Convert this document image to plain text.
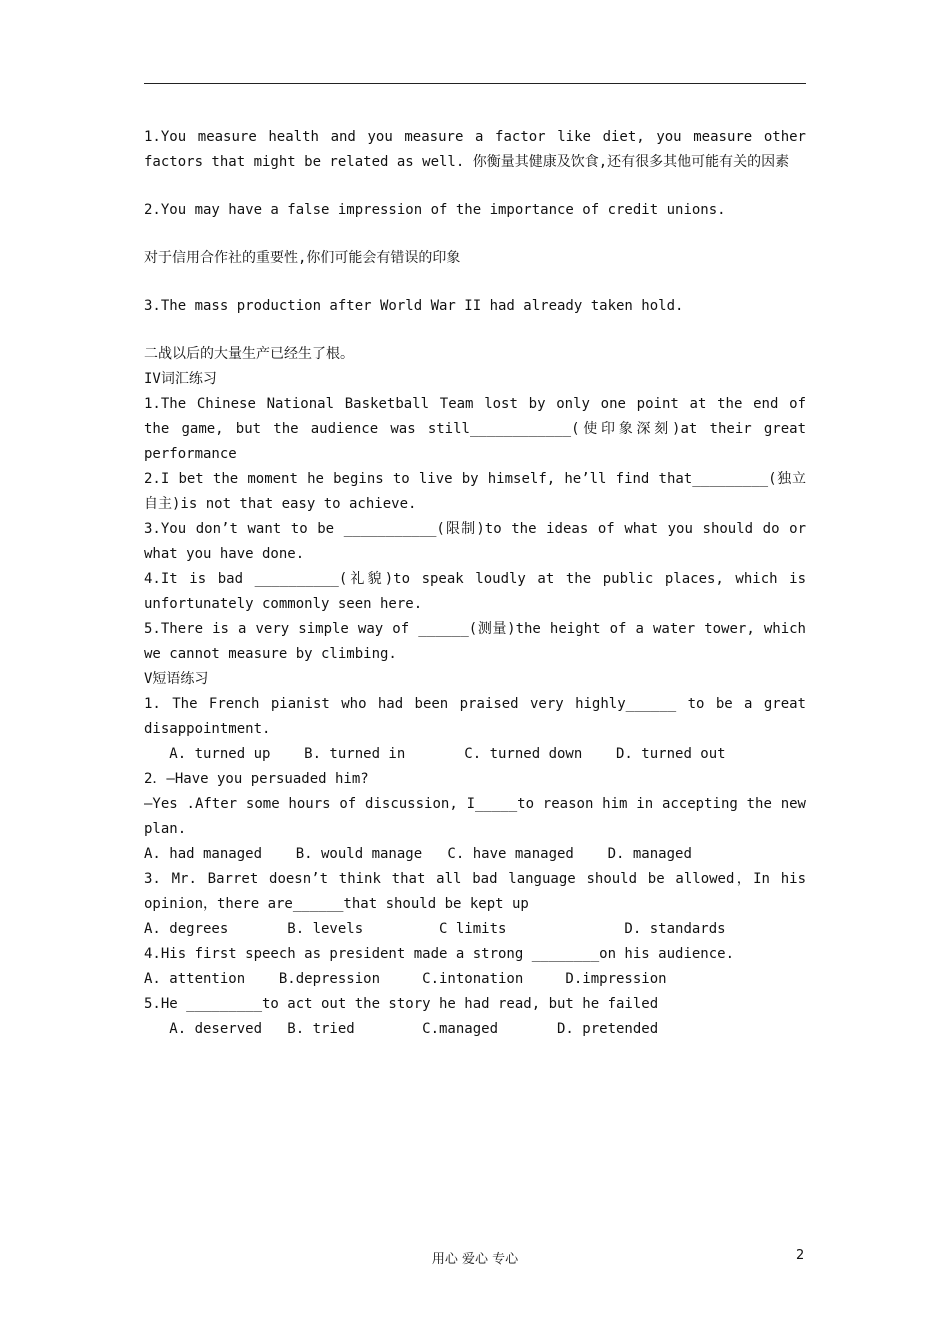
1.You measure health and you measure a factor like diet, you measure other factors that might be related as well. 你衡量其健康及饮食,还有很多其他可能有关的因素

2.You may have a false impression of the importance of credit unions.

对于信用合作社的重要性,你们可能会有错误的印象

3.The mass production after World War II had already taken hold.

二战以后的大量生产已经生了根。

IV词汇练习

1.The Chinese National Basketball Team lost by only one point at the end of the game, but the audience was still____________(使印象深刻)at their great performance

2.I bet the moment he begins to live by himself, he’ll find that_________(独立自主)is not that easy to achieve.

3.You don’t want to be ___________(限制)to the ideas of what you should do or what you have done.

4.It is bad __________(礼貌)to speak loudly at the public places, which is unfortunately commonly seen here.

5.There is a very simple way of ______(测量)the height of a water tower, which we cannot measure by climbing.

V短语练习

1. The French pianist who had been praised very highly______ to be a great disappointment.

A. turned up    B. turned in       C. turned down    D. turned out

2．—Have you persuaded him?

—Yes .After some hours of discussion, I_____to reason him in accepting the new plan.

A. had managed    B. would manage   C. have managed    D. managed

3. Mr. Barret doesn’t think that all bad language should be allowed，In his opinion，there are______that should be kept up

A. degrees       B. levels         C limits              D. standards

4.His first speech as president made a strong ________on his audience.

A. attention    B.depression     C.intonation     D.impression

5.He _________to act out the story he had read, but he failed

A. deserved   B. tried        C.managed       D. pretended

用心 爱心 专心	2
